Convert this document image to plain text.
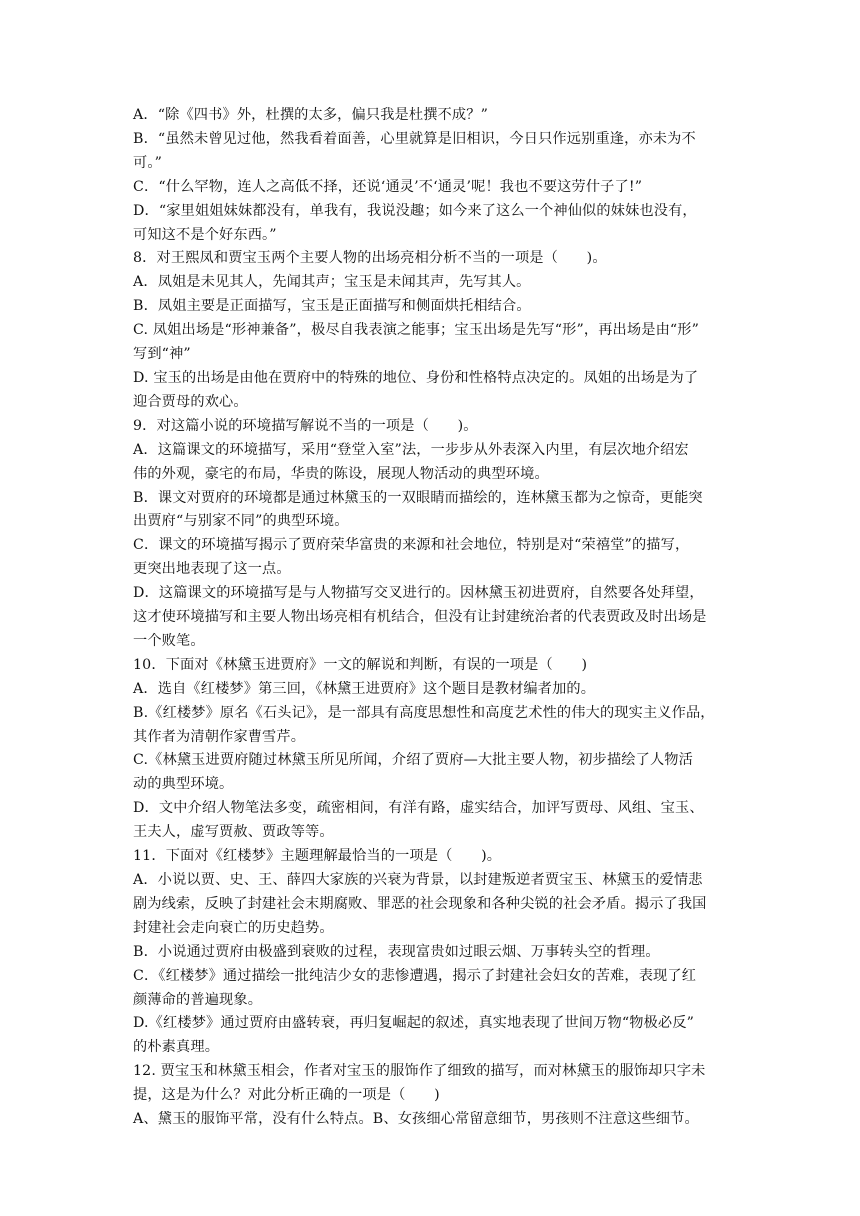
A．“除《四书》外，杜撰的太多，偏只我是杜撰不成？”
B．“虽然未曾见过他，然我看着面善，心里就算是旧相识，今日只作远别重逢，亦未为不
可。”
C．“什么罕物，连人之高低不择，还说‘通灵’不‘通灵’呢！我也不要这劳什子了!”
D．“家里姐姐妹妹都没有，单我有，我说没趣；如今来了这么一个神仙似的妹妹也没有，
可知这不是个好东西。”
8．对王熙凤和贾宝玉两个主要人物的出场亮相分析不当的一项是（　　)。
A．凤姐是未见其人，先闻其声；宝玉是未闻其声，先写其人。
B．凤姐主要是正面描写，宝玉是正面描写和侧面烘托相结合。
C. 凤姐出场是“形神兼备”，极尽自我表演之能事；宝玉出场是先写“形”，再出场是由“形”
写到“神”
D. 宝玉的出场是由他在贾府中的特殊的地位、身份和性格特点决定的。凤姐的出场是为了
迎合贾母的欢心。
9．对这篇小说的环境描写解说不当的一项是（　　)。
A．这篇课文的环境描写，采用“登堂入室”法，一步步从外表深入内里，有层次地介绍宏
伟的外观，豪宅的布局，华贵的陈设，展现人物活动的典型环境。
B．课文对贾府的环境都是通过林黛玉的一双眼睛而描绘的，连林黛玉都为之惊奇，更能突
出贾府“与别家不同”的典型环境。
C．课文的环境描写揭示了贾府荣华富贵的来源和社会地位，特别是对“荣禧堂”的描写，
更突出地表现了这一点。
D．这篇课文的环境描写是与人物描写交叉进行的。因林黛玉初进贾府，自然要各处拜望，
这才使环境描写和主要人物出场亮相有机结合，但没有让封建统治者的代表贾政及时出场是
一个败笔。
10．下面对《林黛玉进贾府》一文的解说和判断，有误的一项是（　　)
A．选自《红楼梦》第三回，《林黛王进贾府》这个题目是教材编者加的。
B.《红楼梦》原名《石头记》，是一部具有高度思想性和高度艺术性的伟大的现实主义作品，
其作者为清朝作家曹雪芹。
C.《林黛玉进贾府随过林黛玉所见所闻，介绍了贾府—大批主要人物，初步描绘了人物活
动的典型环境。
D．文中介绍人物笔法多变，疏密相间，有洋有路，虚实结合，加评写贾母、风组、宝玉、
王夫人，虚写贾赦、贾政等等。
11．下面对《红楼梦》主题理解最恰当的一项是（　　)。
A．小说以贾、史、王、薛四大家族的兴衰为背景，以封建叛逆者贾宝玉、林黛玉的爱情悲
剧为线索，反映了封建社会末期腐败、罪恶的社会现象和各种尖锐的社会矛盾。揭示了我国
封建社会走向衰亡的历史趋势。
B．小说通过贾府由极盛到衰败的过程，表现富贵如过眼云烟、万事转头空的哲理。
C．《红楼梦》通过描绘一批纯洁少女的悲惨遭遇，揭示了封建社会妇女的苦难，表现了红
颜薄命的普遍现象。
D.《红楼梦》通过贾府由盛转衰，再归复崛起的叙述，真实地表现了世间万物“物极必反”
的朴素真理。
12. 贾宝玉和林黛玉相会，作者对宝玉的服饰作了细致的描写，而对林黛玉的服饰却只字未
提，这是为什么？对此分析正确的一项是（　　)
A、黛玉的服饰平常，没有什么特点。B、女孩细心常留意细节，男孩则不注意这些细节。
